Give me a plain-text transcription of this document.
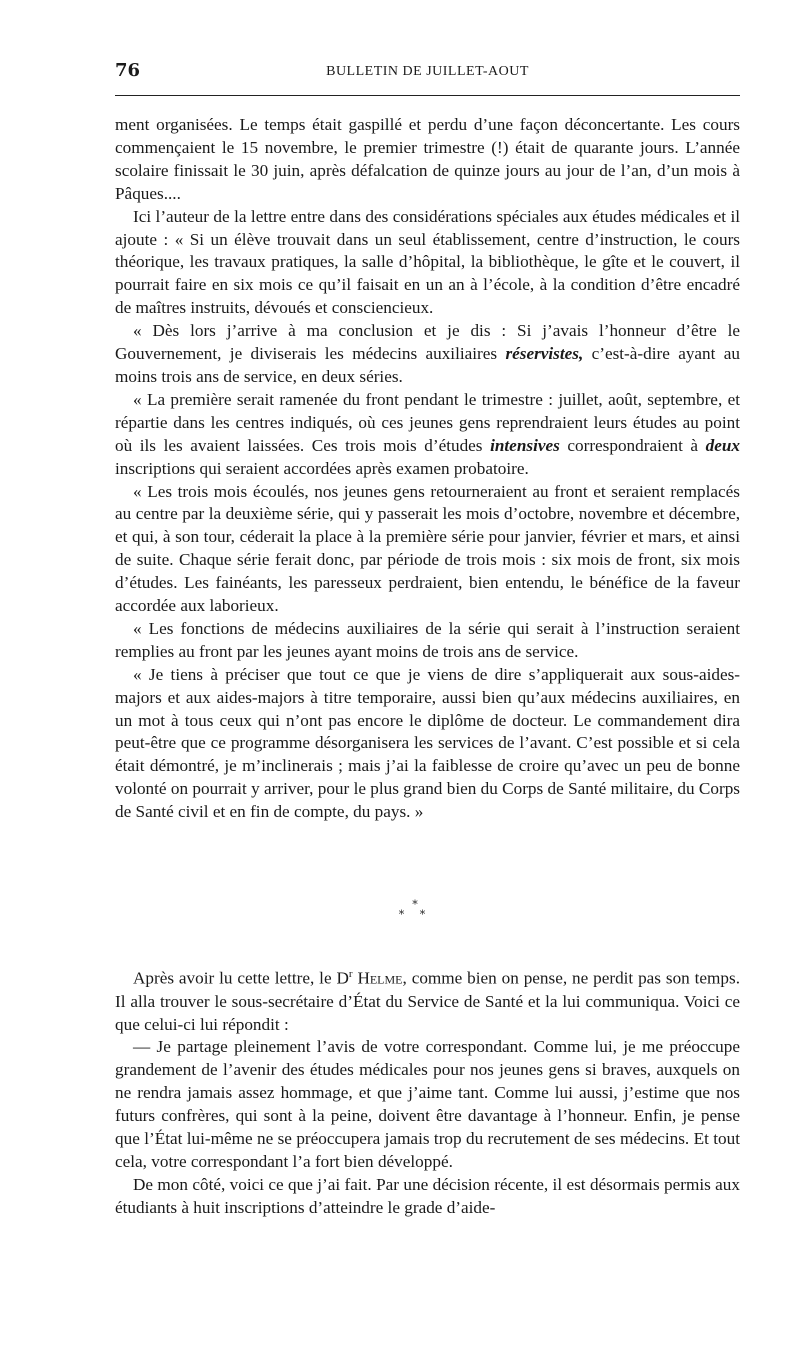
76	BULLETIN DE JUILLET-AOUT

ment organisées. Le temps était gaspillé et perdu d’une façon déconcertante. Les cours commençaient le 15 novembre, le premier trimestre (!) était de quarante jours. L’année scolaire finissait le 30 juin, après défalcation de quinze jours au jour de l’an, d’un mois à Pâques....

Ici l’auteur de la lettre entre dans des considérations spéciales aux études médicales et il ajoute : « Si un élève trouvait dans un seul établissement, centre d’instruction, le cours théorique, les travaux pratiques, la salle d’hôpital, la bibliothèque, le gîte et le couvert, il pourrait faire en six mois ce qu’il faisait en un an à l’école, à la condition d’être encadré de maîtres instruits, dévoués et consciencieux.

« Dès lors j’arrive à ma conclusion et je dis : Si j’avais l’honneur d’être le Gouvernement, je diviserais les médecins auxiliaires réservistes, c’est-à-dire ayant au moins trois ans de service, en deux séries.

« La première serait ramenée du front pendant le trimestre : juillet, août, septembre, et répartie dans les centres indiqués, où ces jeunes gens reprendraient leurs études au point où ils les avaient laissées. Ces trois mois d’études intensives correspondraient à deux inscriptions qui seraient accordées après examen probatoire.

« Les trois mois écoulés, nos jeunes gens retourneraient au front et seraient remplacés au centre par la deuxième série, qui y passerait les mois d’octobre, novembre et décembre, et qui, à son tour, céderait la place à la première série pour janvier, février et mars, et ainsi de suite. Chaque série ferait donc, par période de trois mois : six mois de front, six mois d’études. Les fainéants, les paresseux perdraient, bien entendu, le bénéfice de la faveur accordée aux laborieux.

« Les fonctions de médecins auxiliaires de la série qui serait à l’instruction seraient remplies au front par les jeunes ayant moins de trois ans de service.

« Je tiens à préciser que tout ce que je viens de dire s’appliquerait aux sous-aides-majors et aux aides-majors à titre temporaire, aussi bien qu’aux médecins auxiliaires, en un mot à tous ceux qui n’ont pas encore le diplôme de docteur. Le commandement dira peut-être que ce programme désorganisera les services de l’avant. C’est possible et si cela était démontré, je m’inclinerais ; mais j’ai la faiblesse de croire qu’avec un peu de bonne volonté on pourrait y arriver, pour le plus grand bien du Corps de Santé militaire, du Corps de Santé civil et en fin de compte, du pays. »

*
* *

Après avoir lu cette lettre, le $D^r$ Helme, comme bien on pense, ne perdit pas son temps. Il alla trouver le sous-secrétaire d’État du Service de Santé et la lui communiqua. Voici ce que celui-ci lui répondit :

— Je partage pleinement l’avis de votre correspondant. Comme lui, je me préoccupe grandement de l’avenir des études médicales pour nos jeunes gens si braves, auxquels on ne rendra jamais assez hommage, et que j’aime tant. Comme lui aussi, j’estime que nos futurs confrères, qui sont à la peine, doivent être davantage à l’honneur. Enfin, je pense que l’État lui-même ne se préoccupera jamais trop du recrutement de ses médecins. Et tout cela, votre correspondant l’a fort bien développé.

De mon côté, voici ce que j’ai fait. Par une décision récente, il est désormais permis aux étudiants à huit inscriptions d’atteindre le grade d’aide-
